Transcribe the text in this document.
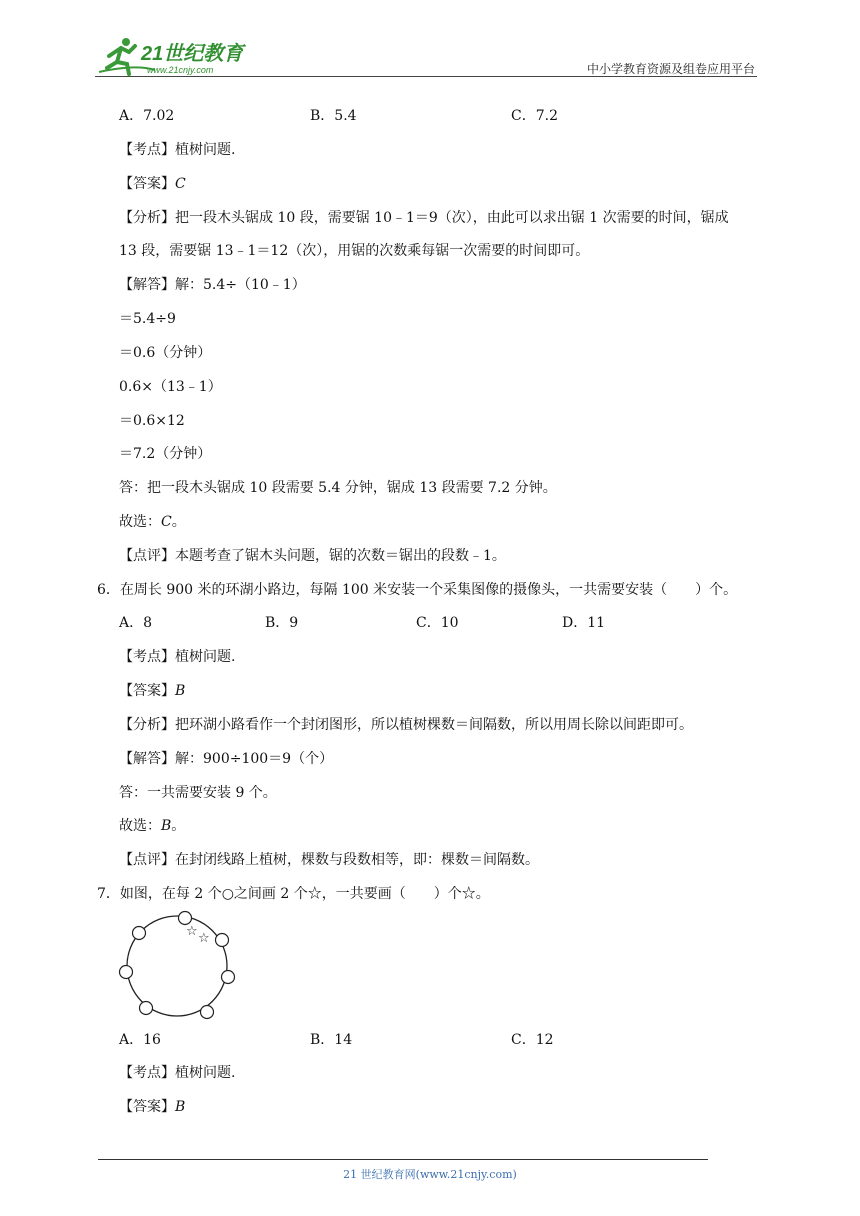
21世纪教育
www.21cnjy.com	中小学教育资源及组卷应用平台
A．7.02	B．5.4	C．7.2
【考点】植树问题.
【答案】C
【分析】把一段木头锯成 10 段，需要锯 10﹣1＝9（次），由此可以求出锯 1 次需要的时间，锯成
13 段，需要锯 13﹣1＝12（次），用锯的次数乘每锯一次需要的时间即可。
【解答】解：5.4÷（10﹣1）
＝5.4÷9
＝0.6（分钟）
0.6×（13﹣1）
＝0.6×12
＝7.2（分钟）
答：把一段木头锯成 10 段需要 5.4 分钟，锯成 13 段需要 7.2 分钟。
故选：C。
【点评】本题考查了锯木头问题，锯的次数＝锯出的段数﹣1。
6．在周长 900 米的环湖小路边，每隔 100 米安装一个采集图像的摄像头，一共需要安装（　　）个。
A．8	B．9	C．10	D．11
【考点】植树问题.
【答案】B
【分析】把环湖小路看作一个封闭图形，所以植树棵数＝间隔数，所以用周长除以间距即可。
【解答】解：900÷100＝9（个）
答：一共需要安装 9 个。
故选：B。
【点评】在封闭线路上植树，棵数与段数相等，即：棵数＝间隔数。
7．如图，在每 2 个○之间画 2 个☆，一共要画（　　）个☆。
☆ ☆
A．16	B．14	C．12
【考点】植树问题.
【答案】B
21 世纪教育网(www.21cnjy.com)
